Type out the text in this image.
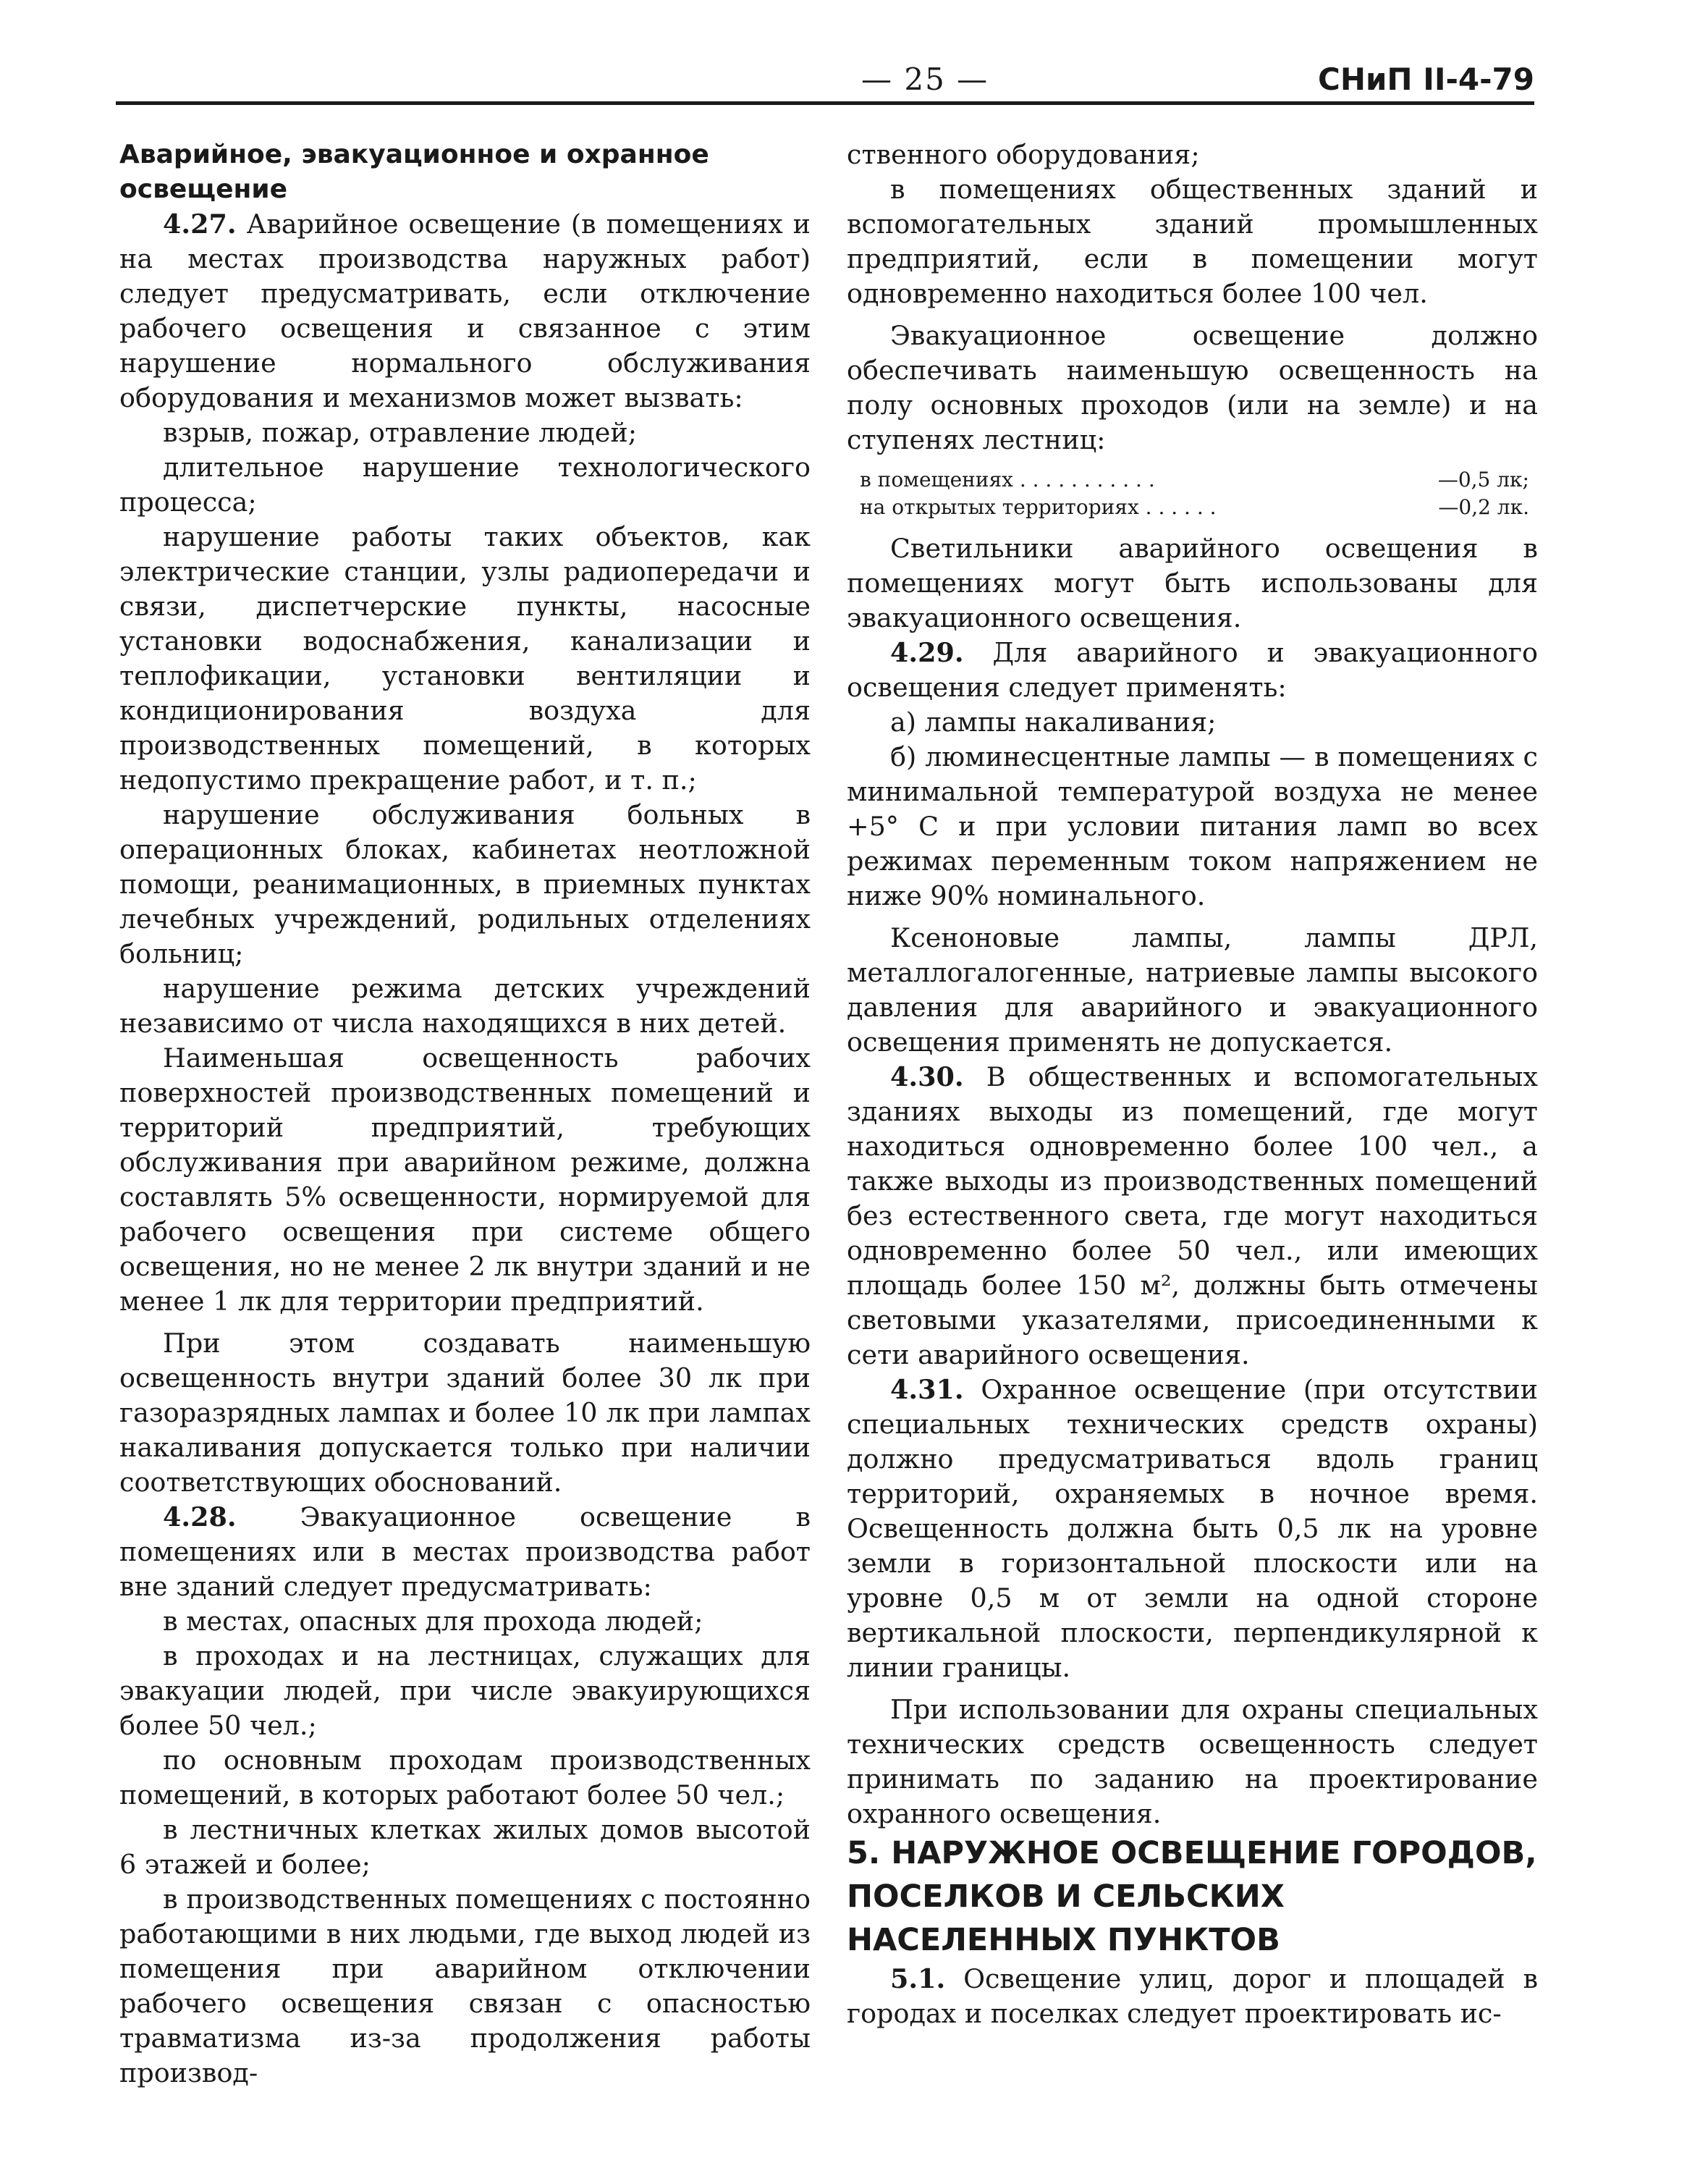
— 25 —	СНиП II-4-79

Аварийное, эвакуационное и охранное освещение

4.27. Аварийное освещение (в помещениях и на местах производства наружных работ) следует предусматривать, если отключение рабочего освещения и связанное с этим нарушение нормального обслуживания оборудования и механизмов может вызвать:

взрыв, пожар, отравление людей;

длительное нарушение технологического процесса;

нарушение работы таких объектов, как электрические станции, узлы радиопередачи и связи, диспетчерские пункты, насосные установки водоснабжения, канализации и теплофикации, установки вентиляции и кондиционирования воздуха для производственных помещений, в которых недопустимо прекращение работ, и т. п.;

нарушение обслуживания больных в операционных блоках, кабинетах неотложной помощи, реанимационных, в приемных пунктах лечебных учреждений, родильных отделениях больниц;

нарушение режима детских учреждений независимо от числа находящихся в них детей.

Наименьшая освещенность рабочих поверхностей производственных помещений и территорий предприятий, требующих обслуживания при аварийном режиме, должна составлять 5% освещенности, нормируемой для рабочего освещения при системе общего освещения, но не менее 2 лк внутри зданий и не менее 1 лк для территории предприятий.

При этом создавать наименьшую освещенность внутри зданий более 30 лк при газоразрядных лампах и более 10 лк при лампах накаливания допускается только при наличии соответствующих обоснований.

4.28. Эвакуационное освещение в помещениях или в местах производства работ вне зданий следует предусматривать:

в местах, опасных для прохода людей;

в проходах и на лестницах, служащих для эвакуации людей, при числе эвакуирующихся более 50 чел.;

по основным проходам производственных помещений, в которых работают более 50 чел.;

в лестничных клетках жилых домов высотой 6 этажей и более;

в производственных помещениях с постоянно работающими в них людьми, где выход людей из помещения при аварийном отключении рабочего освещения связан с опасностью травматизма из-за продолжения работы производ-

ственного оборудования;

в помещениях общественных зданий и вспомогательных зданий промышленных предприятий, если в помещении могут одновременно находиться более 100 чел.

Эвакуационное освещение должно обеспечивать наименьшую освещенность на полу основных проходов (или на земле) и на ступенях лестниц:

в помещениях . . . . . . . . . . .	—0,5 лк;
на открытых территориях . . . . . .	—0,2 лк.

Светильники аварийного освещения в помещениях могут быть использованы для эвакуационного освещения.

4.29. Для аварийного и эвакуационного освещения следует применять:

а) лампы накаливания;

б) люминесцентные лампы — в помещениях с минимальной температурой воздуха не менее +5° С и при условии питания ламп во всех режимах переменным током напряжением не ниже 90% номинального.

Ксеноновые лампы, лампы ДРЛ, металлогалогенные, натриевые лампы высокого давления для аварийного и эвакуационного освещения применять не допускается.

4.30. В общественных и вспомогательных зданиях выходы из помещений, где могут находиться одновременно более 100 чел., а также выходы из производственных помещений без естественного света, где могут находиться одновременно более 50 чел., или имеющих площадь более 150 м², должны быть отмечены световыми указателями, присоединенными к сети аварийного освещения.

4.31. Охранное освещение (при отсутствии специальных технических средств охраны) должно предусматриваться вдоль границ территорий, охраняемых в ночное время. Освещенность должна быть 0,5 лк на уровне земли в горизонтальной плоскости или на уровне 0,5 м от земли на одной стороне вертикальной плоскости, перпендикулярной к линии границы.

При использовании для охраны специальных технических средств освещенность следует принимать по заданию на проектирование охранного освещения.

5. НАРУЖНОЕ ОСВЕЩЕНИЕ ГОРОДОВ, ПОСЕЛКОВ И СЕЛЬСКИХ НАСЕЛЕННЫХ ПУНКТОВ

5.1. Освещение улиц, дорог и площадей в городах и поселках следует проектировать ис-
